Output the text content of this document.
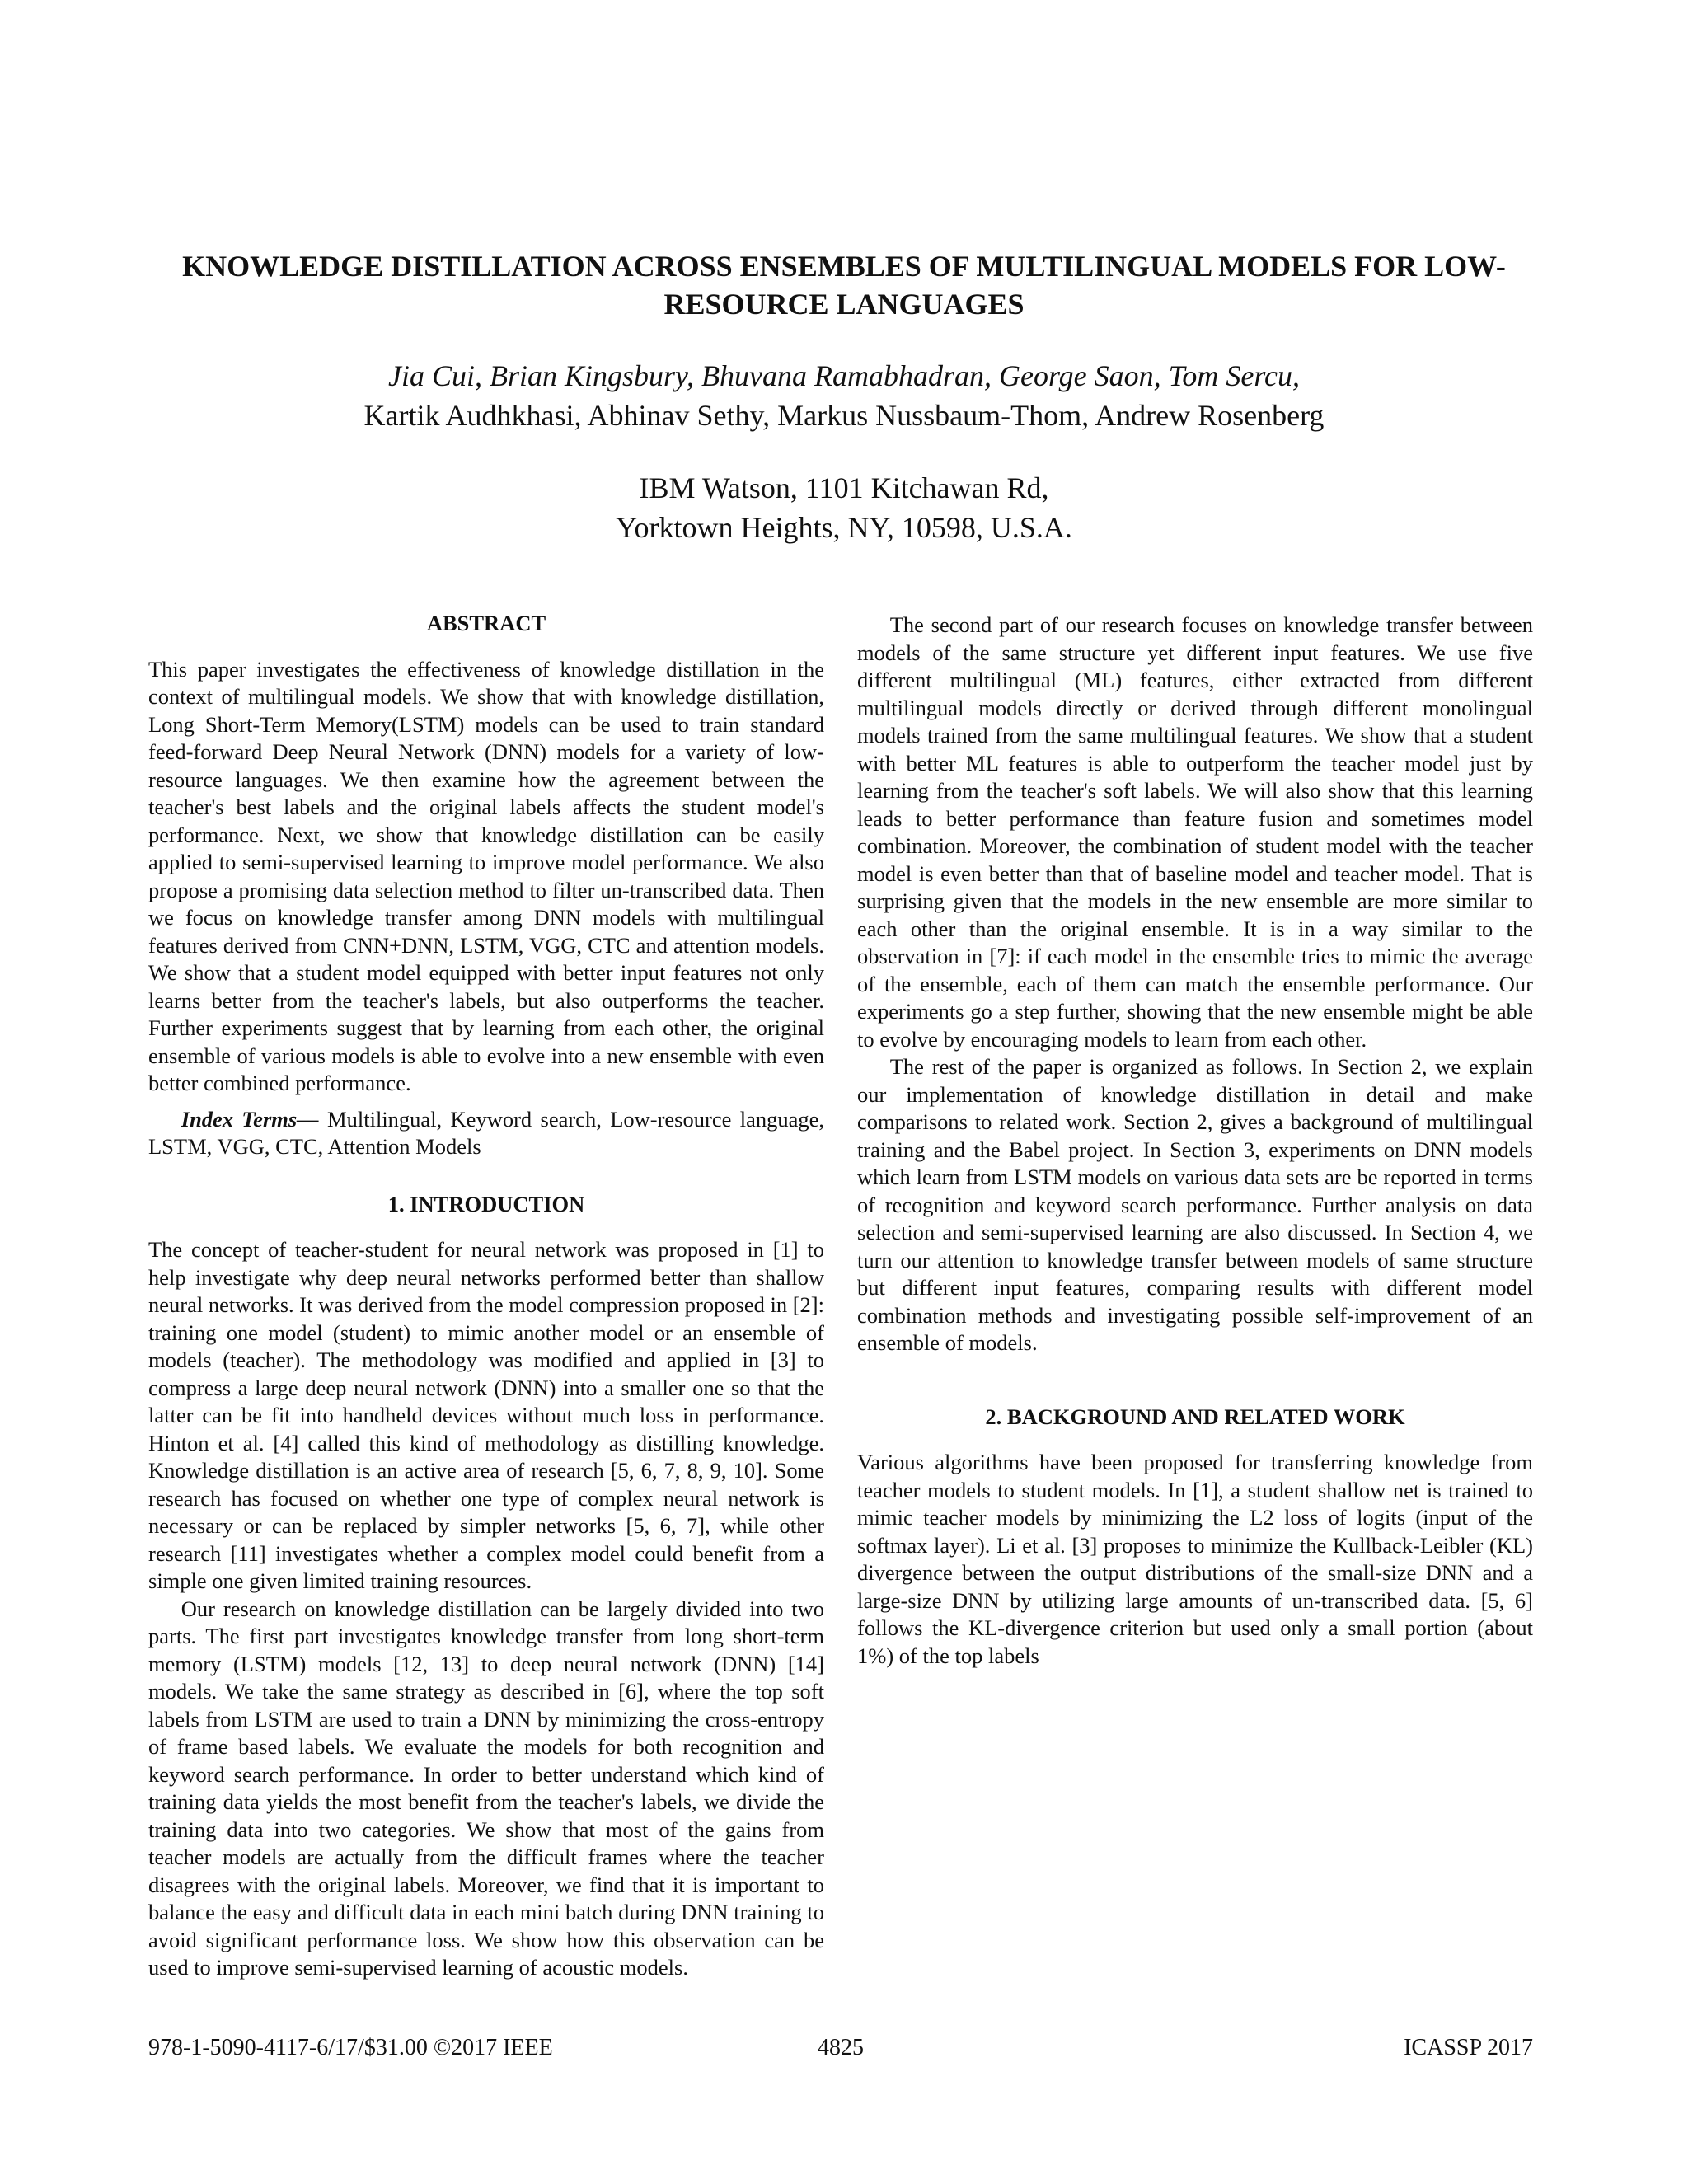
KNOWLEDGE DISTILLATION ACROSS ENSEMBLES OF MULTILINGUAL MODELS FOR LOW-RESOURCE LANGUAGES
Jia Cui, Brian Kingsbury, Bhuvana Ramabhadran, George Saon, Tom Sercu,
Kartik Audhkhasi, Abhinav Sethy, Markus Nussbaum-Thom, Andrew Rosenberg
IBM Watson, 1101 Kitchawan Rd,
Yorktown Heights, NY, 10598, U.S.A.
ABSTRACT

This paper investigates the effectiveness of knowledge distillation in the context of multilingual models. We show that with knowledge distillation, Long Short-Term Memory(LSTM) models can be used to train standard feed-forward Deep Neural Network (DNN) models for a variety of low-resource languages. We then examine how the agreement between the teacher's best labels and the original labels affects the student model's performance. Next, we show that knowledge distillation can be easily applied to semi-supervised learning to improve model performance. We also propose a promising data selection method to filter un-transcribed data. Then we focus on knowledge transfer among DNN models with multilingual features derived from CNN+DNN, LSTM, VGG, CTC and attention models. We show that a student model equipped with better input features not only learns better from the teacher's labels, but also outperforms the teacher. Further experiments suggest that by learning from each other, the original ensemble of various models is able to evolve into a new ensemble with even better combined performance.

Index Terms— Multilingual, Keyword search, Low-resource language, LSTM, VGG, CTC, Attention Models

1. INTRODUCTION

The concept of teacher-student for neural network was proposed in [1] to help investigate why deep neural networks performed better than shallow neural networks. It was derived from the model compression proposed in [2]: training one model (student) to mimic another model or an ensemble of models (teacher). The methodology was modified and applied in [3] to compress a large deep neural network (DNN) into a smaller one so that the latter can be fit into handheld devices without much loss in performance. Hinton et al. [4] called this kind of methodology as distilling knowledge. Knowledge distillation is an active area of research [5, 6, 7, 8, 9, 10]. Some research has focused on whether one type of complex neural network is necessary or can be replaced by simpler networks [5, 6, 7], while other research [11] investigates whether a complex model could benefit from a simple one given limited training resources.

Our research on knowledge distillation can be largely divided into two parts. The first part investigates knowledge transfer from long short-term memory (LSTM) models [12, 13] to deep neural network (DNN) [14] models. We take the same strategy as described in [6], where the top soft labels from LSTM are used to train a DNN by minimizing the cross-entropy of frame based labels. We evaluate the models for both recognition and keyword search performance. In order to better understand which kind of training data yields the most benefit from the teacher's labels, we divide the training data into two categories. We show that most of the gains from teacher models are actually from the difficult frames where the teacher disagrees with the original labels. Moreover, we find that it is important to balance the easy and difficult data in each mini batch during DNN training to avoid significant performance loss. We show how this observation can be used to improve semi-supervised learning of acoustic models.

The second part of our research focuses on knowledge transfer between models of the same structure yet different input features. We use five different multilingual (ML) features, either extracted from different multilingual models directly or derived through different monolingual models trained from the same multilingual features. We show that a student with better ML features is able to outperform the teacher model just by learning from the teacher's soft labels. We will also show that this learning leads to better performance than feature fusion and sometimes model combination. Moreover, the combination of student model with the teacher model is even better than that of baseline model and teacher model. That is surprising given that the models in the new ensemble are more similar to each other than the original ensemble. It is in a way similar to the observation in [7]: if each model in the ensemble tries to mimic the average of the ensemble, each of them can match the ensemble performance. Our experiments go a step further, showing that the new ensemble might be able to evolve by encouraging models to learn from each other.

The rest of the paper is organized as follows. In Section 2, we explain our implementation of knowledge distillation in detail and make comparisons to related work. Section 2, gives a background of multilingual training and the Babel project. In Section 3, experiments on DNN models which learn from LSTM models on various data sets are be reported in terms of recognition and keyword search performance. Further analysis on data selection and semi-supervised learning are also discussed. In Section 4, we turn our attention to knowledge transfer between models of same structure but different input features, comparing results with different model combination methods and investigating possible self-improvement of an ensemble of models.

2. BACKGROUND AND RELATED WORK

Various algorithms have been proposed for transferring knowledge from teacher models to student models. In [1], a student shallow net is trained to mimic teacher models by minimizing the L2 loss of logits (input of the softmax layer). Li et al. [3] proposes to minimize the Kullback-Leibler (KL) divergence between the output distributions of the small-size DNN and a large-size DNN by utilizing large amounts of un-transcribed data. [5, 6] follows the KL-divergence criterion but used only a small portion (about 1%) of the top labels

978-1-5090-4117-6/17/$31.00 ©2017 IEEE	4825	ICASSP 2017
